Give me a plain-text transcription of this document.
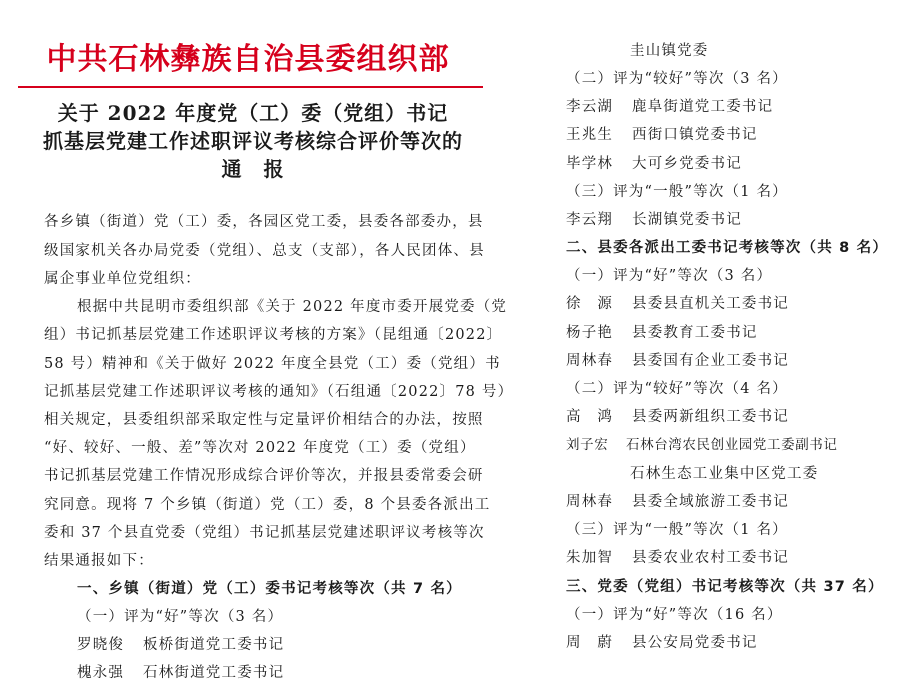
中共石林彝族自治县委组织部
关于 2022 年度党（工）委（党组）书记
抓基层党建工作述职评议考核综合评价等次的
通　报
各乡镇（街道）党（工）委，各园区党工委，县委各部委办，县
级国家机关各办局党委（党组）、总支（支部），各人民团体、县
属企事业单位党组织：
根据中共昆明市委组织部《关于 2022 年度市委开展党委（党
组）书记抓基层党建工作述职评议考核的方案》（昆组通〔2022〕
58 号）精神和《关于做好 2022 年度全县党（工）委（党组）书
记抓基层党建工作述职评议考核的通知》（石组通〔2022〕78 号）
相关规定，县委组织部采取定性与定量评价相结合的办法，按照
“好、较好、一般、差”等次对 2022 年度党（工）委（党组）
书记抓基层党建工作情况形成综合评价等次，并报县委常委会研
究同意。现将 7 个乡镇（街道）党（工）委，8 个县委各派出工
委和 37 个县直党委（党组）书记抓基层党建述职评议考核等次
结果通报如下：
一、乡镇（街道）党（工）委书记考核等次（共 7 名）
（一）评为“好”等次（3 名）
罗晓俊 板桥街道党工委书记
槐永强 石林街道党工委书记
圭山镇党委
（二）评为“较好”等次（3 名）
李云湖 鹿阜街道党工委书记
王兆生 西街口镇党委书记
毕学林 大可乡党委书记
（三）评为“一般”等次（1 名）
李云翔 长湖镇党委书记
二、县委各派出工委书记考核等次（共 8 名）
（一）评为“好”等次（3 名）
徐　源 县委县直机关工委书记
杨子艳 县委教育工委书记
周林春 县委国有企业工委书记
（二）评为“较好”等次（4 名）
高　鸿 县委两新组织工委书记
刘子宏 石林台湾农民创业园党工委副书记
石林生态工业集中区党工委
周林春 县委全域旅游工委书记
（三）评为“一般”等次（1 名）
朱加智 县委农业农村工委书记
三、党委（党组）书记考核等次（共 37 名）
（一）评为“好”等次（16 名）
周　蔚 县公安局党委书记
